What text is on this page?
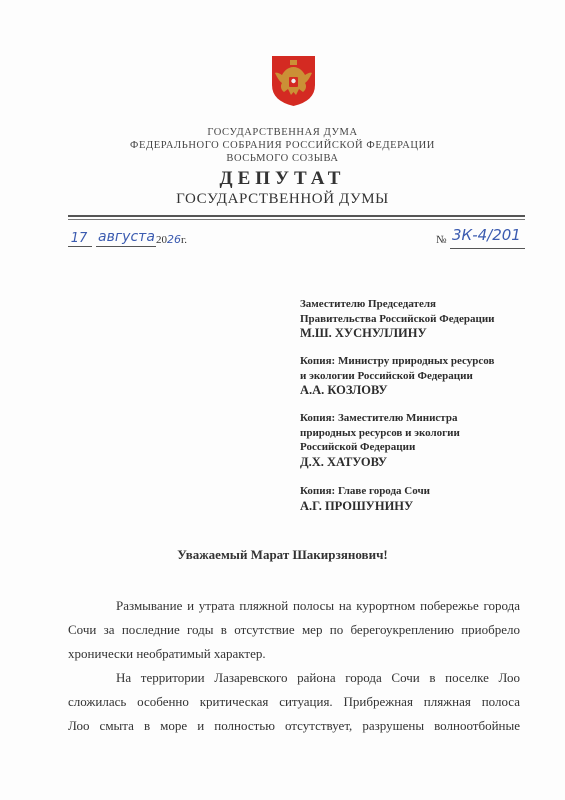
ГОСУДАРСТВЕННАЯ ДУМА
ФЕДЕРАЛЬНОГО СОБРАНИЯ РОССИЙСКОЙ ФЕДЕРАЦИИ
ВОСЬМОГО СОЗЫВА
ДЕПУТАТ
ГОСУДАРСТВЕННОЙ ДУМЫ
17 августа 2026г.	№ 3К-4/201
Заместителю Председателя
Правительства Российской Федерации
М.Ш. ХУСНУЛЛИНУ
Копия: Министру природных ресурсов
и экологии Российской Федерации
А.А. КОЗЛОВУ
Копия: Заместителю Министра
природных ресурсов и экологии
Российской Федерации
Д.Х. ХАТУОВУ
Копия: Главе города Сочи
А.Г. ПРОШУНИНУ
Уважаемый Марат Шакирзянович!
Размывание и утрата пляжной полосы на курортном побережье города
Сочи за последние годы в отсутствие мер по берегоукреплению приобрело
хронически необратимый характер.
На территории Лазаревского района города Сочи в поселке Лоо
сложилась особенно критическая ситуация. Прибрежная пляжная полоса
Лоо смыта в море и полностью отсутствует, разрушены волноотбойные
